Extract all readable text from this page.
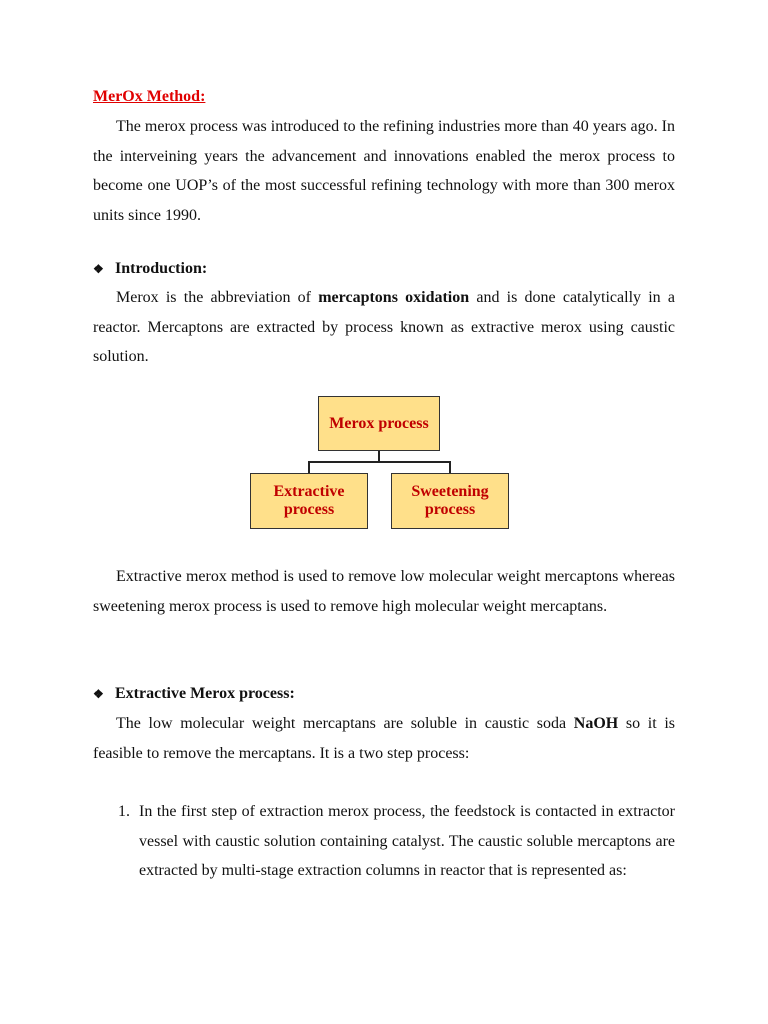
MerOx Method:
The merox process was introduced to the refining industries more than 40 years ago. In the interveining years the advancement and innovations enabled the merox process to become one UOP’s of the most successful refining technology with more than 300 merox units since 1990.
❖ Introduction:
Merox is the abbreviation of mercaptons oxidation and is done catalytically in a reactor. Mercaptons are extracted by process known as extractive merox using caustic solution.
Merox process
Extractive process
Sweetening process
Extractive merox method is used to remove low molecular weight mercaptons whereas sweetening merox process is used to remove high molecular weight mercaptans.
❖ Extractive Merox process:
The low molecular weight mercaptans are soluble in caustic soda NaOH so it is feasible to remove the mercaptans. It is a two step process:
1. In the first step of extraction merox process, the feedstock is contacted in extractor vessel with caustic solution containing catalyst. The caustic soluble mercaptons are extracted by multi-stage extraction columns in reactor that is represented as:
